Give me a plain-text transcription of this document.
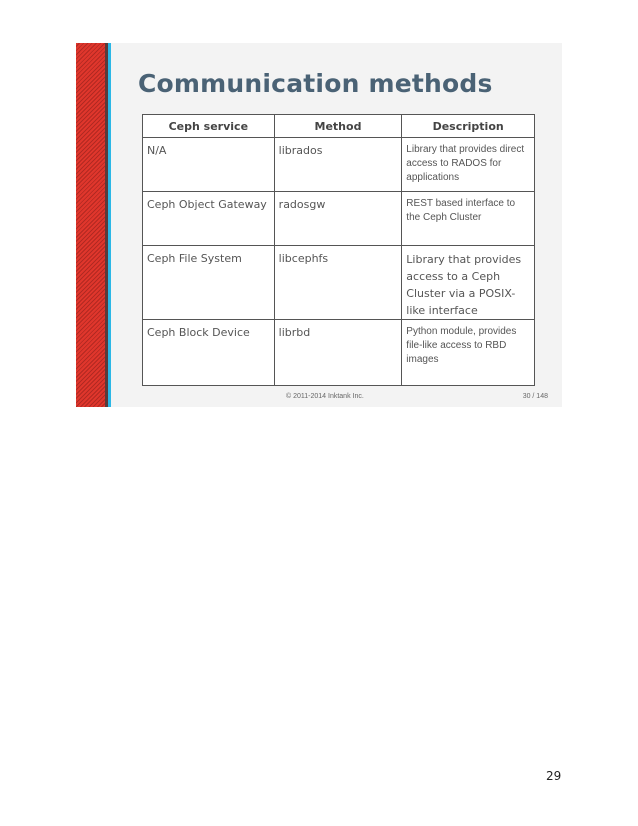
Communication methods
Ceph service	Method	Description
N/A	librados	Library that provides direct access to RADOS for applications
Ceph Object Gateway	radosgw	REST based interface to the Ceph Cluster
Ceph File System	libcephfs	Library that provides access to a Ceph Cluster via a POSIX-like interface
Ceph Block Device	librbd	Python module, provides file-like access to RBD images
© 2011-2014 Inktank Inc.	30 / 148
29
